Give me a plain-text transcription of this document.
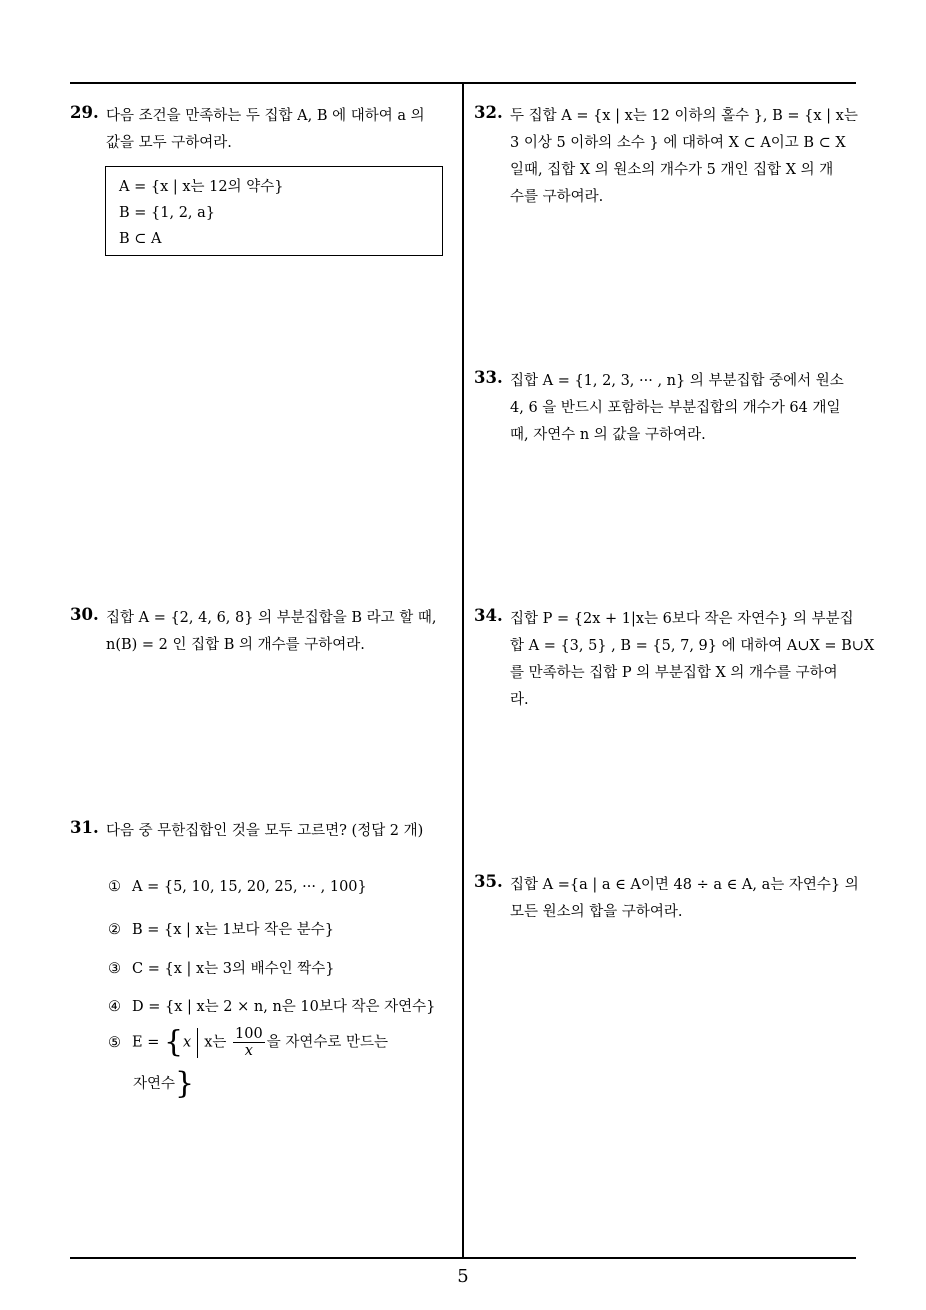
29. 다음 조건을 만족하는 두 집합 A, B 에 대하여 a 의
값을 모두 구하여라.
A = {x | x는 12의 약수}
B = {1, 2, a}
B ⊂ A
30. 집합 A = {2, 4, 6, 8} 의 부분집합을 B 라고 할 때,
n(B) = 2 인 집합 B 의 개수를 구하여라.
31. 다음 중 무한집합인 것을 모두 고르면? (정답 2 개)
① A = {5, 10, 15, 20, 25, ··· , 100}
② B = {x | x는 1보다 작은 분수}
③ C = {x | x는 3의 배수인 짝수}
④ D = {x | x는 2 × n, n은 10보다 작은 자연수}
⑤ E = {x x는 $\frac{100}{x}$ 을 자연수로 만드는
자연수}
32. 두 집합 A = {x | x는 12 이하의 홀수 }, B = {x | x는
3 이상 5 이하의 소수 } 에 대하여 X ⊂ A이고 B ⊂ X
일때, 집합 X 의 원소의 개수가 5 개인 집합 X 의 개
수를 구하여라.
33. 집합 A = {1, 2, 3, ··· , n} 의 부분집합 중에서 원소
4, 6 을 반드시 포함하는 부분집합의 개수가 64 개일
때, 자연수 n 의 값을 구하여라.
34. 집합 P = {2x + 1|x는 6보다 작은 자연수} 의 부분집
합 A = {3, 5} , B = {5, 7, 9} 에 대하여 A∪X = B∪X
를 만족하는 집합 P 의 부분집합 X 의 개수를 구하여
라.
35. 집합 A ={a | a ∈ A이면 48 ÷ a ∈ A, a는 자연수} 의
모든 원소의 합을 구하여라.
5
